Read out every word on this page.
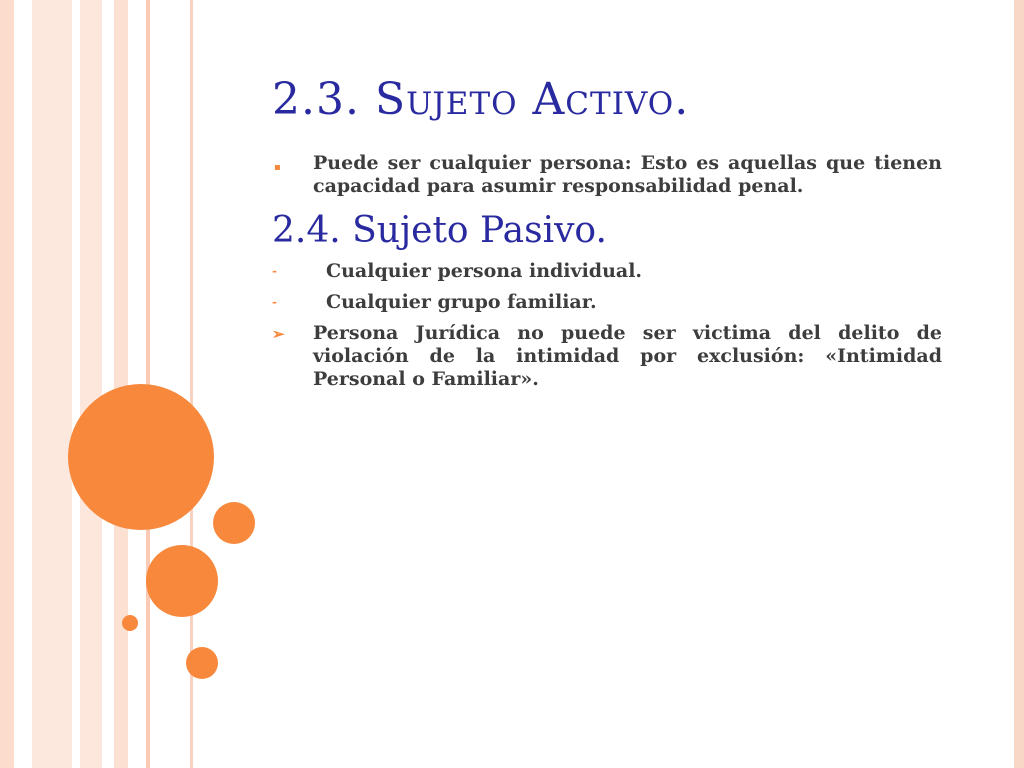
2.3. Sujeto Activo.
▪	Puede ser cualquier persona: Esto es aquellas que tienen capacidad para asumir responsabilidad penal.
2.4. Sujeto Pasivo.
-	Cualquier persona individual.
-	Cualquier grupo familiar.
➢	Persona Jurídica no puede ser victima del delito de violación de la intimidad por exclusión: «Intimidad Personal o Familiar».
